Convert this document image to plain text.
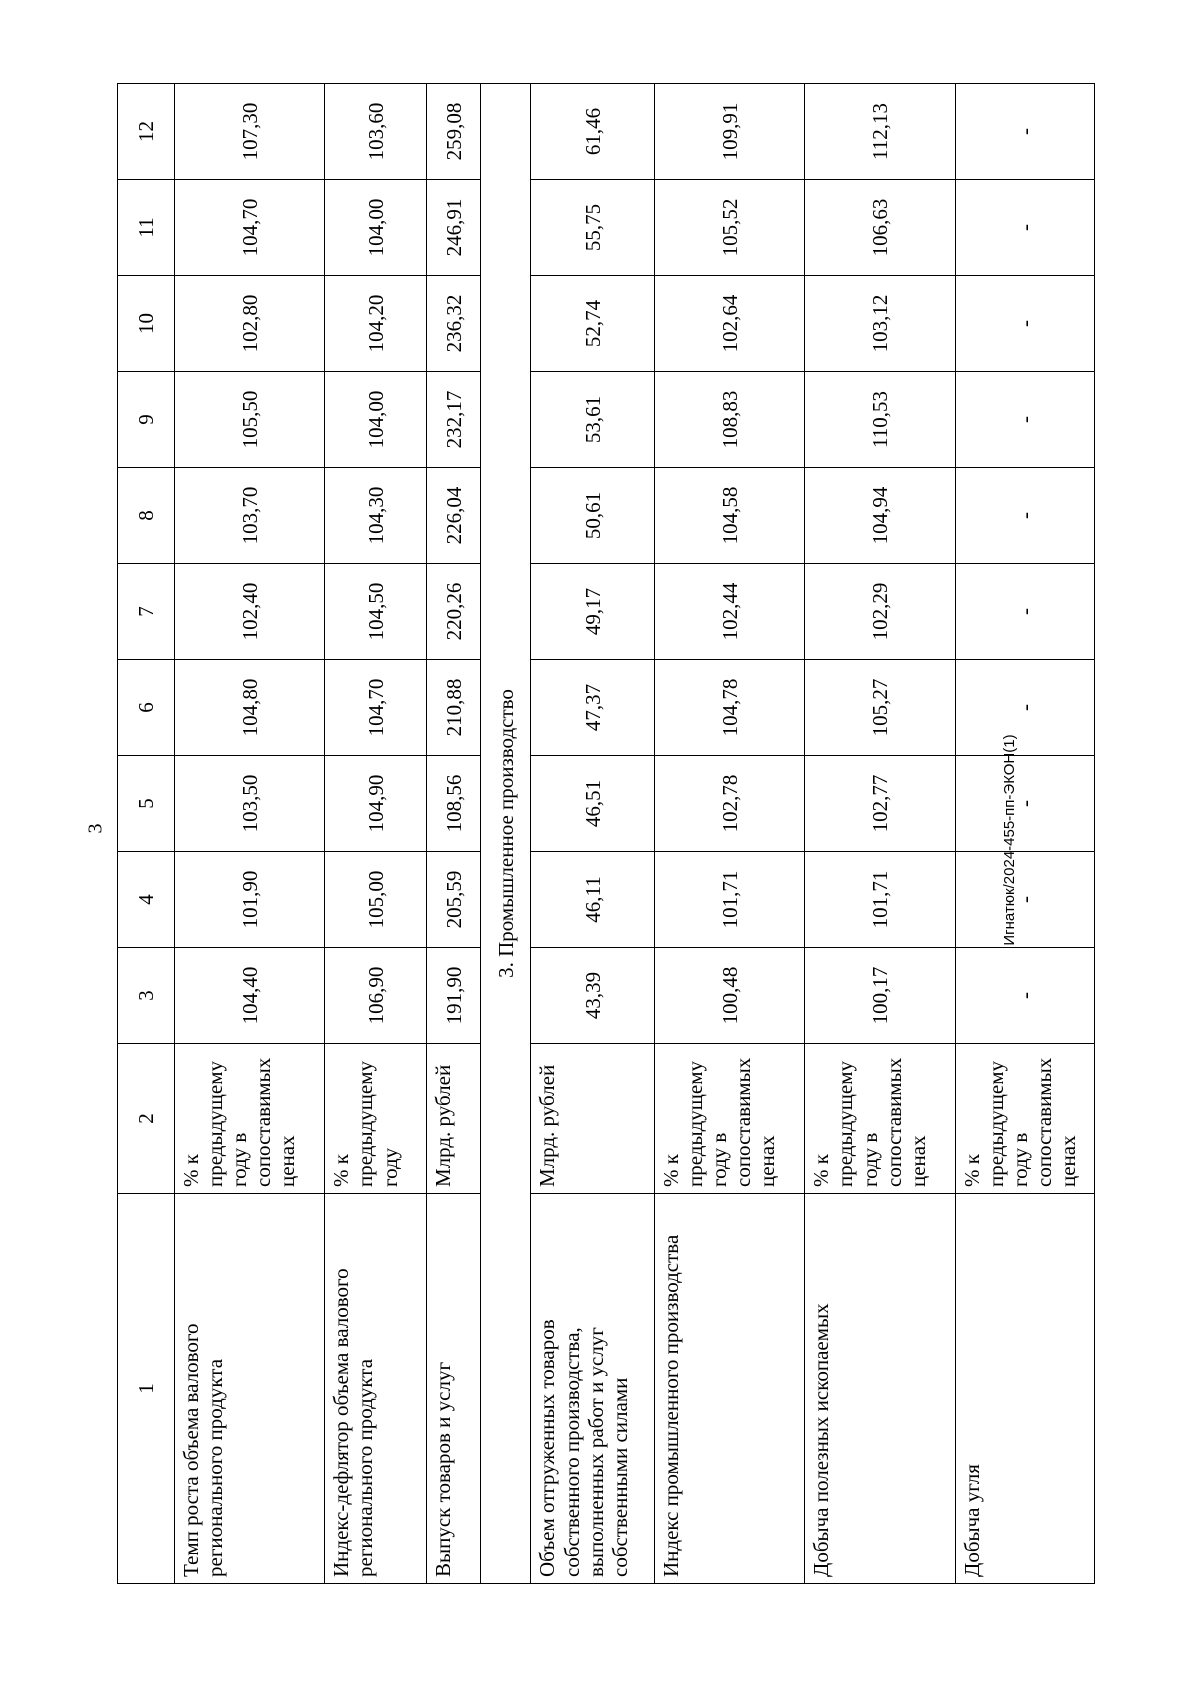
3
1	2	3	4	5	6	7	8	9	10	11	12
Темп роста объема валового регионального продукта	% к предыдущему году в сопоставимых ценах	104,40	101,90	103,50	104,80	102,40	103,70	105,50	102,80	104,70	107,30
Индекс-дефлятор объема валового регионального продукта	% к предыдущему году	106,90	105,00	104,90	104,70	104,50	104,30	104,00	104,20	104,00	103,60
Выпуск товаров и услуг	Млрд. рублей	191,90	205,59	108,56	210,88	220,26	226,04	232,17	236,32	246,91	259,08
3. Промышленное производство											
Объем отгруженных товаров собственного производства, выполненных работ и услуг собственными силами	Млрд. рублей	43,39	46,11	46,51	47,37	49,17	50,61	53,61	52,74	55,75	61,46
Индекс промышленного производства	% к предыдущему году в сопоставимых ценах	100,48	101,71	102,78	104,78	102,44	104,58	108,83	102,64	105,52	109,91
Добыча полезных ископаемых	% к предыдущему году в сопоставимых ценах	100,17	101,71	102,77	105,27	102,29	104,94	110,53	103,12	106,63	112,13
Добыча угля	% к предыдущему году в сопоставимых ценах	-	-	-	-	-	-	-	-	-	-
Игнатюк/2024-455-пп-ЭКОН(1)
